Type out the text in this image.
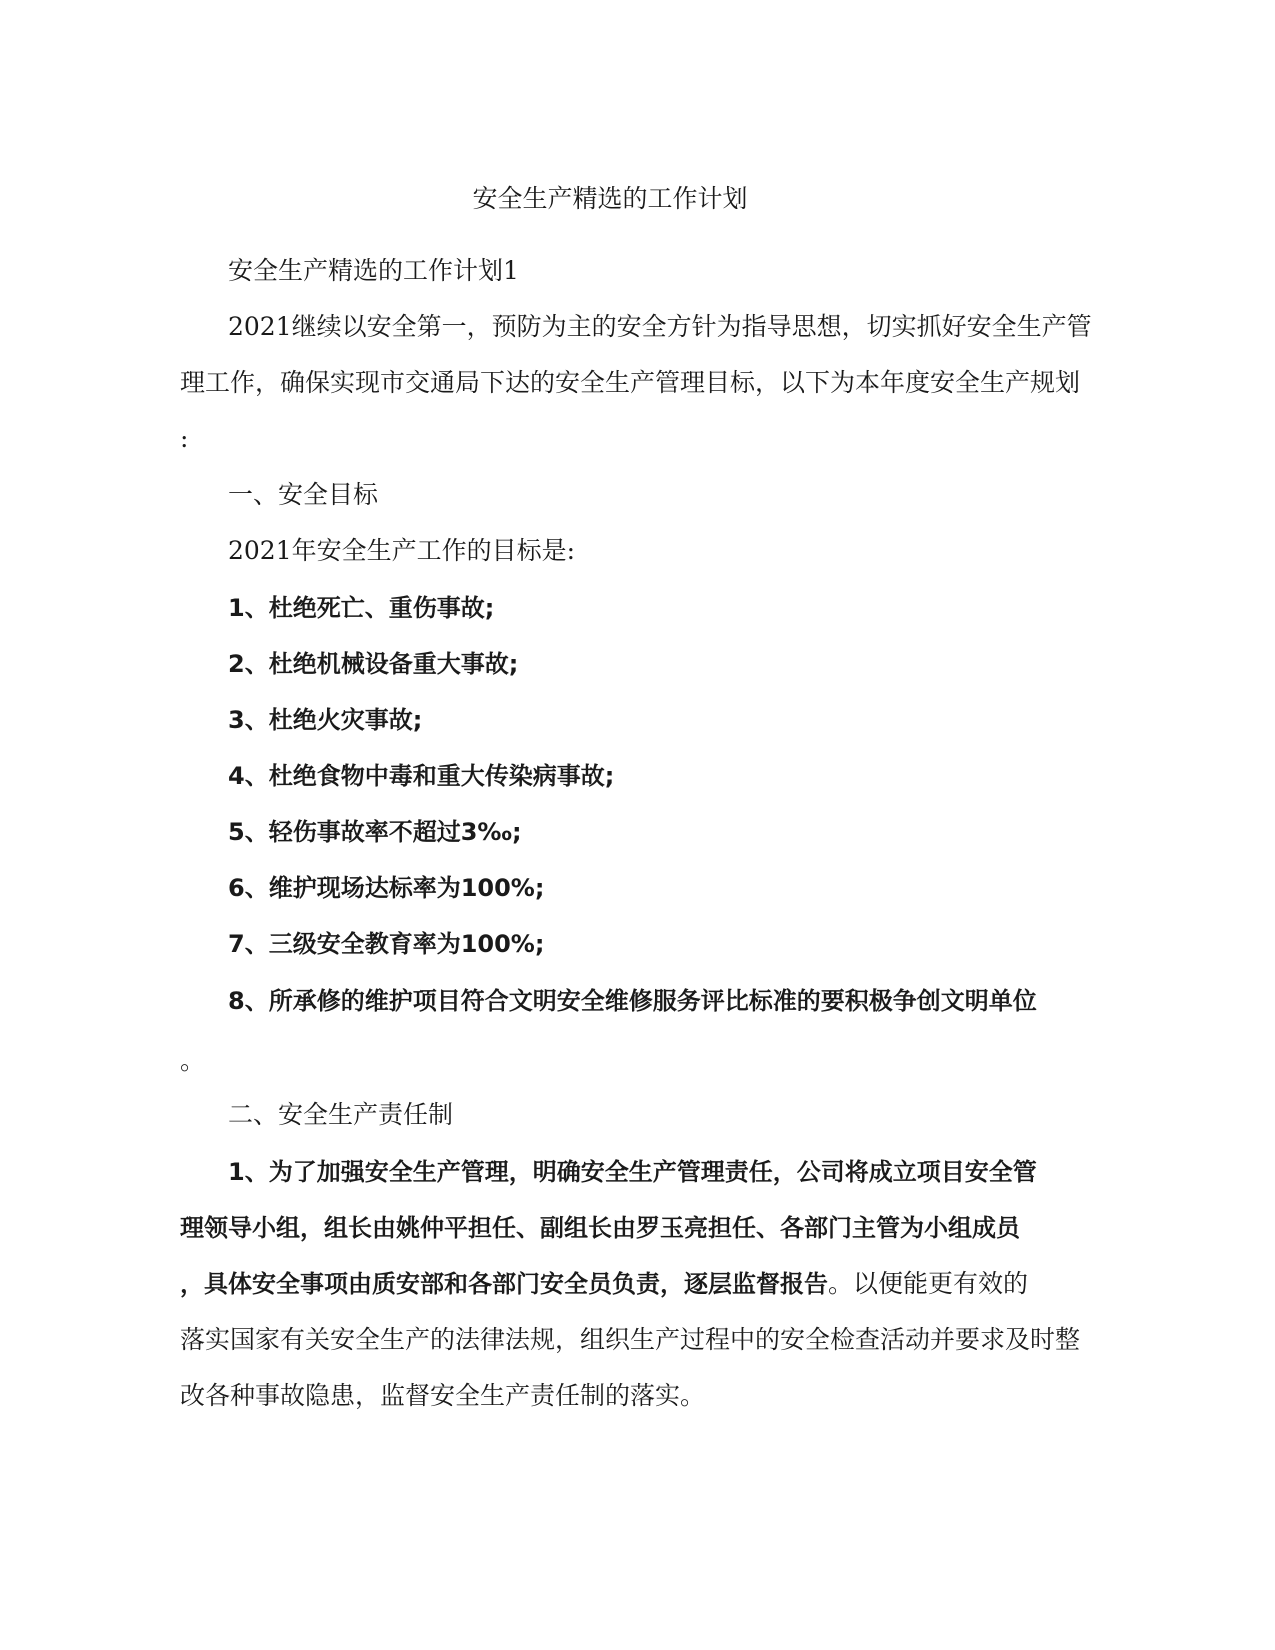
安全生产精选的工作计划
安全生产精选的工作计划1
2021继续以安全第一，预防为主的安全方针为指导思想，切实抓好安全生产管
理工作，确保实现市交通局下达的安全生产管理目标，以下为本年度安全生产规划
:
一、安全目标
2021年安全生产工作的目标是:
1、杜绝死亡、重伤事故;
2、杜绝机械设备重大事故;
3、杜绝火灾事故;
4、杜绝食物中毒和重大传染病事故;
5、轻伤事故率不超过3‰;
6、维护现场达标率为100%;
7、三级安全教育率为100%;
8、所承修的维护项目符合文明安全维修服务评比标准的要积极争创文明单位
。
二、安全生产责任制
1、为了加强安全生产管理，明确安全生产管理责任，公司将成立项目安全管
理领导小组，组长由姚仲平担任、副组长由罗玉亮担任、各部门主管为小组成员
，具体安全事项由质安部和各部门安全员负责，逐层监督报告。以便能更有效的
落实国家有关安全生产的法律法规，组织生产过程中的安全检查活动并要求及时整
改各种事故隐患，监督安全生产责任制的落实。
